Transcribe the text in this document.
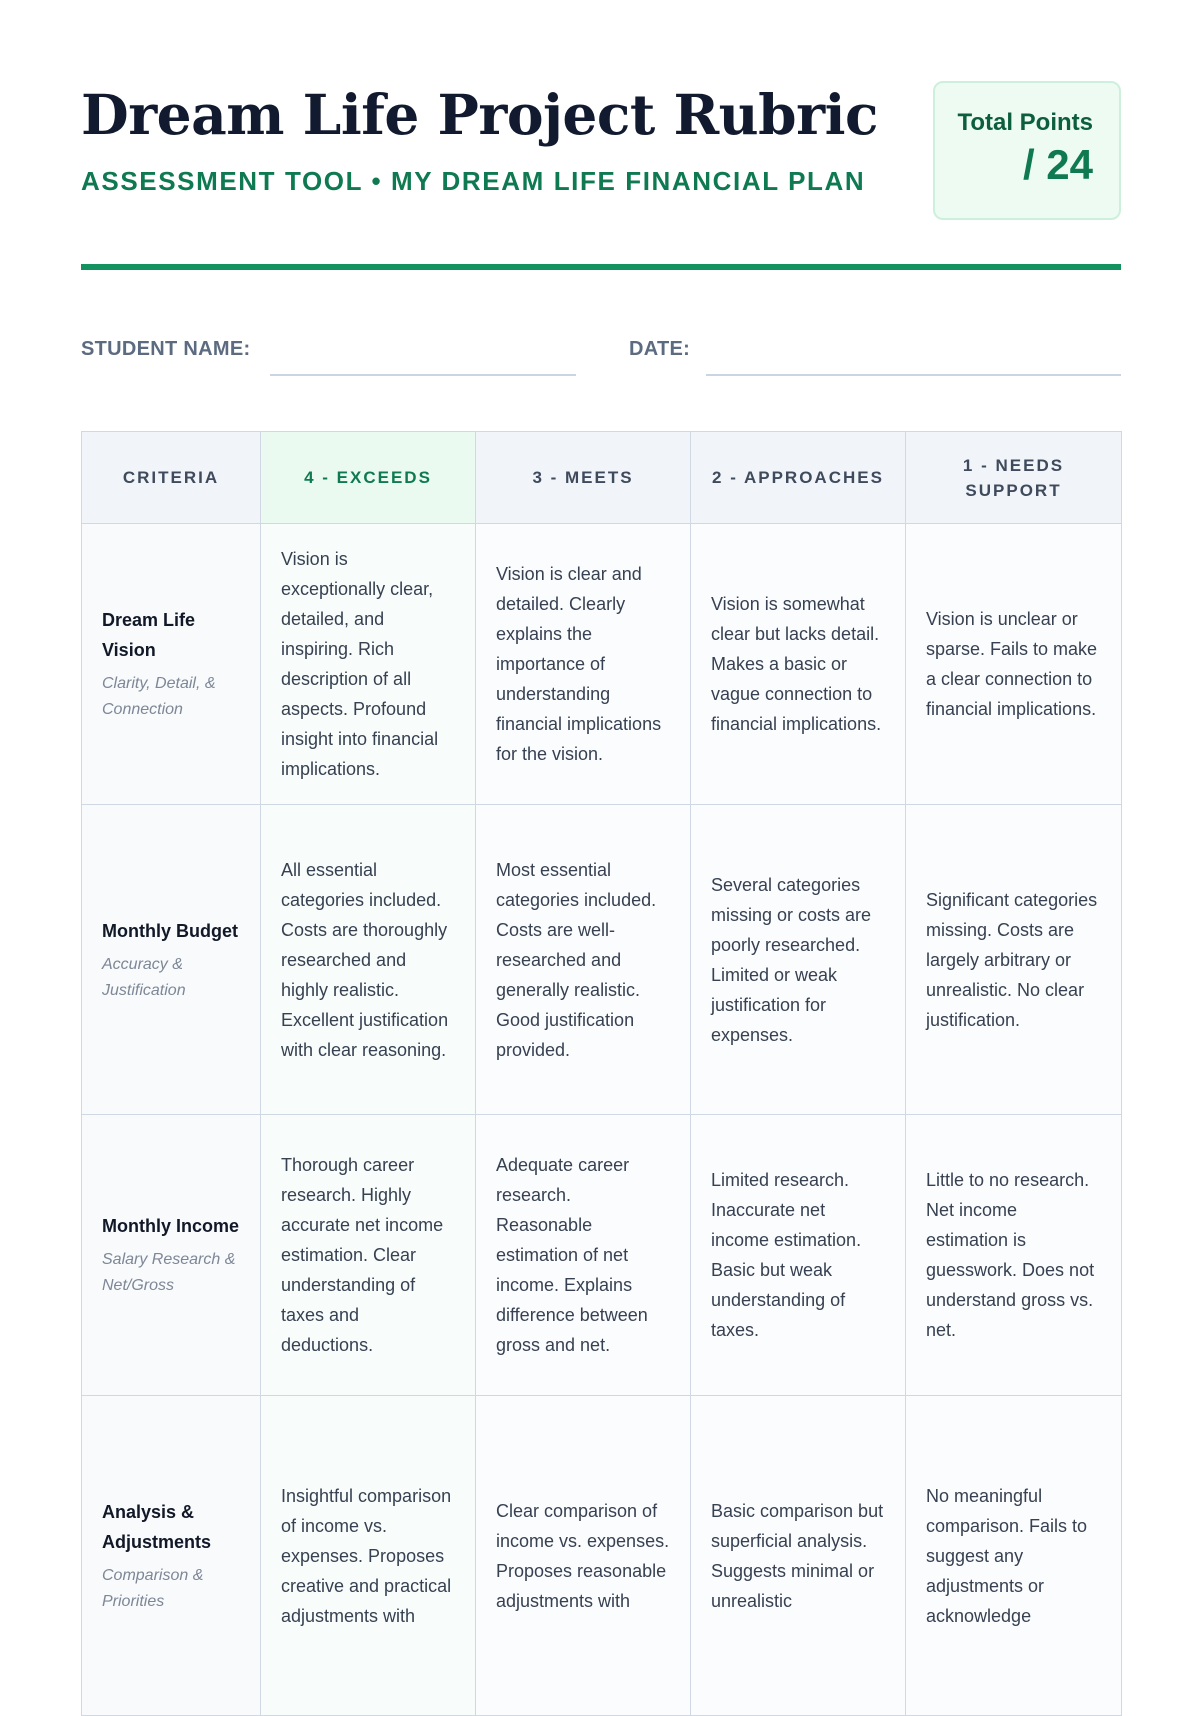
Dream Life Project Rubric

ASSESSMENT TOOL • MY DREAM LIFE FINANCIAL PLAN

Total Points
/ 24
STUDENT NAME:	DATE:
CRITERIA	4 - EXCEEDS	3 - MEETS	2 - APPROACHES	1 - NEEDS SUPPORT

Dream Life Vision
Clarity, Detail, & Connection	Vision is exceptionally clear, detailed, and inspiring. Rich description of all aspects. Profound insight into financial implications.	Vision is clear and detailed. Clearly explains the importance of understanding financial implications for the vision.	Vision is somewhat clear but lacks detail. Makes a basic or vague connection to financial implications.	Vision is unclear or sparse. Fails to make a clear connection to financial implications.

Monthly Budget
Accuracy & Justification	All essential categories included. Costs are thoroughly researched and highly realistic. Excellent justification with clear reasoning.	Most essential categories included. Costs are well-researched and generally realistic. Good justification provided.	Several categories missing or costs are poorly researched. Limited or weak justification for expenses.	Significant categories missing. Costs are largely arbitrary or unrealistic. No clear justification.

Monthly Income
Salary Research & Net/Gross	Thorough career research. Highly accurate net income estimation. Clear understanding of taxes and deductions.	Adequate career research. Reasonable estimation of net income. Explains difference between gross and net.	Limited research. Inaccurate net income estimation. Basic but weak understanding of taxes.	Little to no research. Net income estimation is guesswork. Does not understand gross vs. net.

Analysis & Adjustments
Comparison & Priorities	Insightful comparison of income vs. expenses. Proposes creative and practical adjustments with	Clear comparison of income vs. expenses. Proposes reasonable adjustments with	Basic comparison but superficial analysis. Suggests minimal or unrealistic	No meaningful comparison. Fails to suggest any adjustments or acknowledge
